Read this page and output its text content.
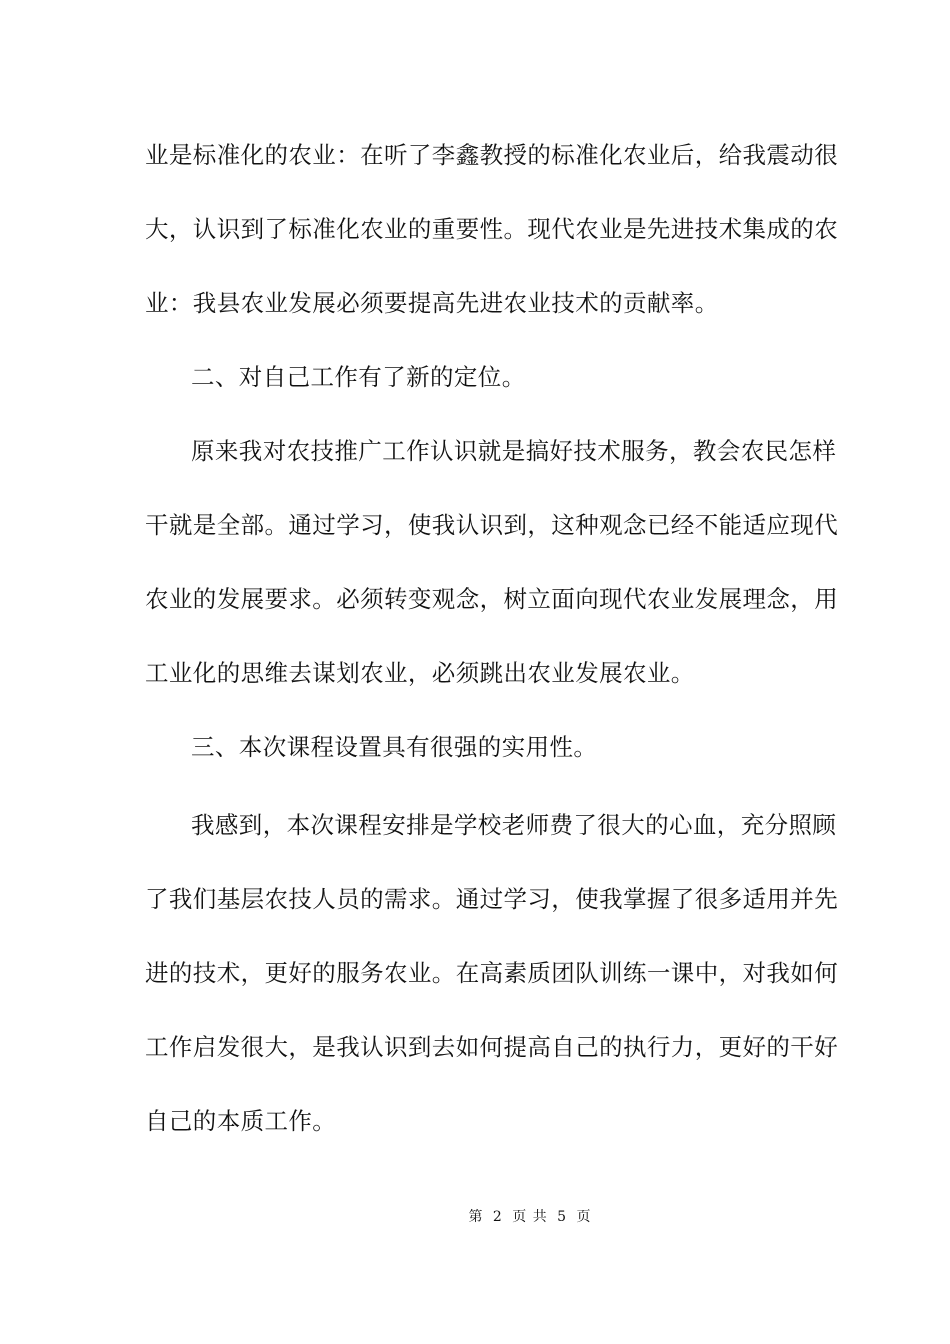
业是标准化的农业：在听了李鑫教授的标准化农业后，给我震动很
大，认识到了标准化农业的重要性。现代农业是先进技术集成的农
业：我县农业发展必须要提高先进农业技术的贡献率。
二、对自己工作有了新的定位。
原来我对农技推广工作认识就是搞好技术服务，教会农民怎样
干就是全部。通过学习，使我认识到，这种观念已经不能适应现代
农业的发展要求。必须转变观念，树立面向现代农业发展理念，用
工业化的思维去谋划农业，必须跳出农业发展农业。
三、本次课程设置具有很强的实用性。
我感到，本次课程安排是学校老师费了很大的心血，充分照顾
了我们基层农技人员的需求。通过学习，使我掌握了很多适用并先
进的技术，更好的服务农业。在高素质团队训练一课中，对我如何
工作启发很大，是我认识到去如何提高自己的执行力，更好的干好
自己的本质工作。
第 2 页 共 5 页
